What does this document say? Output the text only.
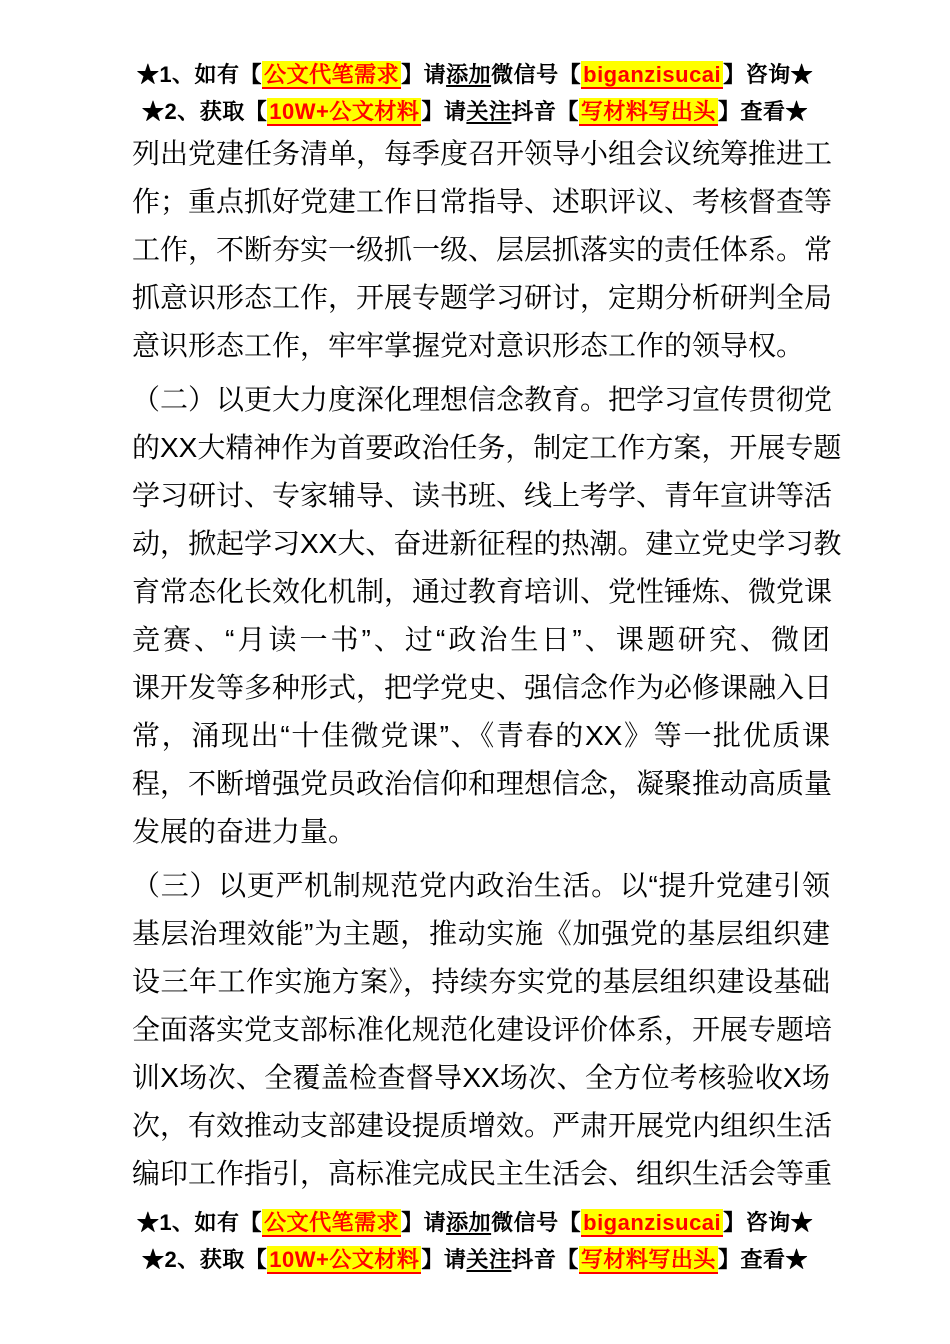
★1、如有【公文代笔需求】请添加微信号【biganzisucai】咨询★
★2、获取【10W+公文材料】请关注抖音【写材料写出头】查看★
列出党建任务清单，每季度召开领导小组会议统筹推进工
作；重点抓好党建工作日常指导、述职评议、考核督查等
工作，不断夯实一级抓一级、层层抓落实的责任体系。常
抓意识形态工作，开展专题学习研讨，定期分析研判全局
意识形态工作，牢牢掌握党对意识形态工作的领导权。
（二）以更大力度深化理想信念教育。把学习宣传贯彻党
的XX大精神作为首要政治任务，制定工作方案，开展专题
学习研讨、专家辅导、读书班、线上考学、青年宣讲等活
动，掀起学习XX大、奋进新征程的热潮。建立党史学习教
育常态化长效化机制，通过教育培训、党性锤炼、微党课
竞赛、“月读一书”、过“政治生日”、课题研究、微团
课开发等多种形式，把学党史、强信念作为必修课融入日
常，涌现出“十佳微党课”、《青春的XX》等一批优质课
程，不断增强党员政治信仰和理想信念，凝聚推动高质量
发展的奋进力量。
（三）以更严机制规范党内政治生活。以“提升党建引领
基层治理效能”为主题，推动实施《加强党的基层组织建
设三年工作实施方案》，持续夯实党的基层组织建设基础
全面落实党支部标准化规范化建设评价体系，开展专题培
训X场次、全覆盖检查督导XX场次、全方位考核验收X场
次，有效推动支部建设提质增效。严肃开展党内组织生活
编印工作指引，高标准完成民主生活会、组织生活会等重
★1、如有【公文代笔需求】请添加微信号【biganzisucai】咨询★
★2、获取【10W+公文材料】请关注抖音【写材料写出头】查看★
